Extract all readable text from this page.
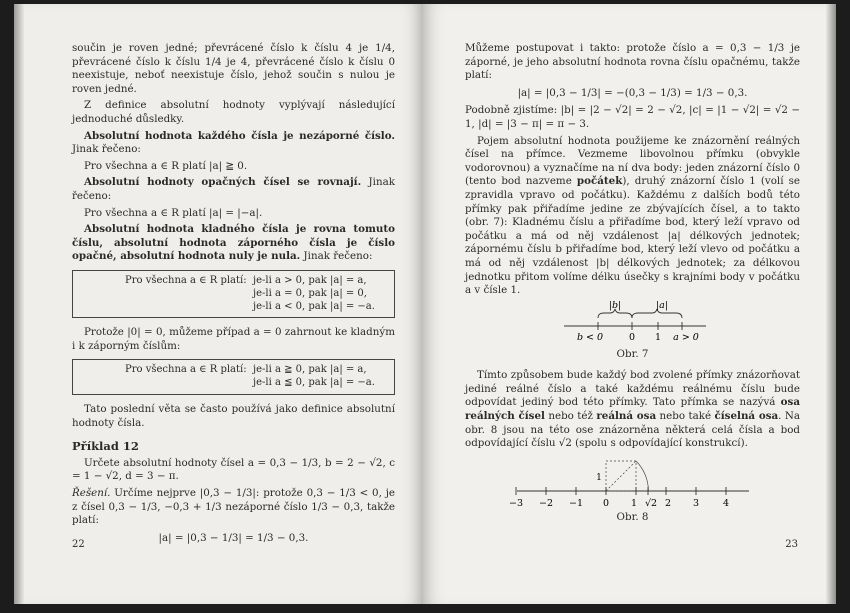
součin je roven jedné; převrácené číslo k číslu 4 je 1/4, převrácené číslo k číslu 1/4 je 4, převrácené číslo k číslu 0 neexistuje, neboť neexistuje číslo, jehož součin s nulou je roven jedné.

Z definice absolutní hodnoty vyplývají následující jednoduché důsledky.

Absolutní hodnota každého čísla je nezáporné číslo. Jinak řečeno:

Pro všechna a ∈ R platí |a| ≧ 0.

Absolutní hodnoty opačných čísel se rovnají. Jinak řečeno:

Pro všechna a ∈ R platí |a| = |−a|.

Absolutní hodnota kladného čísla je rovna tomuto číslu, absolutní hodnota záporného čísla je číslo opačné, absolutní hodnota nuly je nula. Jinak řečeno:

Pro všechna a ∈ R platí: je-li a > 0, pak |a| = a,
je-li a = 0, pak |a| = 0,
je-li a < 0, pak |a| = −a.

Protože |0| = 0, můžeme případ a = 0 zahrnout ke kladným i k záporným číslům:

Pro všechna a ∈ R platí: je-li a ≧ 0, pak |a| = a,
je-li a ≦ 0, pak |a| = −a.

Tato poslední věta se často používá jako definice absolutní hodnoty čísla.

Příklad 12

Určete absolutní hodnoty čísel a = 0,3 − 1/3, b = 2 − √2, c = 1 − √2, d = 3 − π.

Řešení. Určíme nejprve |0,3 − 1/3|: protože 0,3 − 1/3 < 0, je z čísel 0,3 − 1/3, −0,3 + 1/3 nezáporné číslo 1/3 − 0,3, takže platí:

|a| = |0,3 − 1/3| = 1/3 − 0,3.

22

Můžeme postupovat i takto: protože číslo a = 0,3 − 1/3 je záporné, je jeho absolutní hodnota rovna číslu opačnému, takže platí:

|a| = |0,3 − 1/3| = −(0,3 − 1/3) = 1/3 − 0,3.

Podobně zjistíme: |b| = |2 − √2| = 2 − √2, |c| = |1 − √2| = √2 − 1, |d| = |3 − π| = π − 3.

Pojem absolutní hodnota použijeme ke znázornění reálných čísel na přímce. Vezmeme libovolnou přímku (obvykle vodorovnou) a vyznačíme na ní dva body: jeden znázorní číslo 0 (tento bod nazveme počátek), druhý znázorní číslo 1 (volí se zpravidla vpravo od počátku). Každému z dalších bodů této přímky pak přiřadíme jedine ze zbývajících čísel, a to takto (obr. 7): Kladnému číslu a přiřadíme bod, který leží vpravo od počátku a má od něj vzdálenost |a| délkových jednotek; zápornému číslu b přiřadíme bod, který leží vlevo od počátku a má od něj vzdálenost |b| délkových jednotek; za délkovou jednotku přitom volíme délku úsečky s krajními body v počátku a v čísle 1.

|b|	|a|
b < 0	0 1 a > 0

Obr. 7

Tímto způsobem bude každý bod zvolené přímky znázorňovat jediné reálné číslo a také každému reálnému číslu bude odpovídat jediný bod této přímky. Tato přímka se nazývá osa reálných čísel nebo též reálná osa nebo také číselná osa. Na obr. 8 jsou na této ose znázorněna některá celá čísla a bod odpovídající číslu √2 (spolu s odpovídající konstrukcí).

1
−3 −2 −1 0 1 √2 2 3	4

Obr. 8

23
